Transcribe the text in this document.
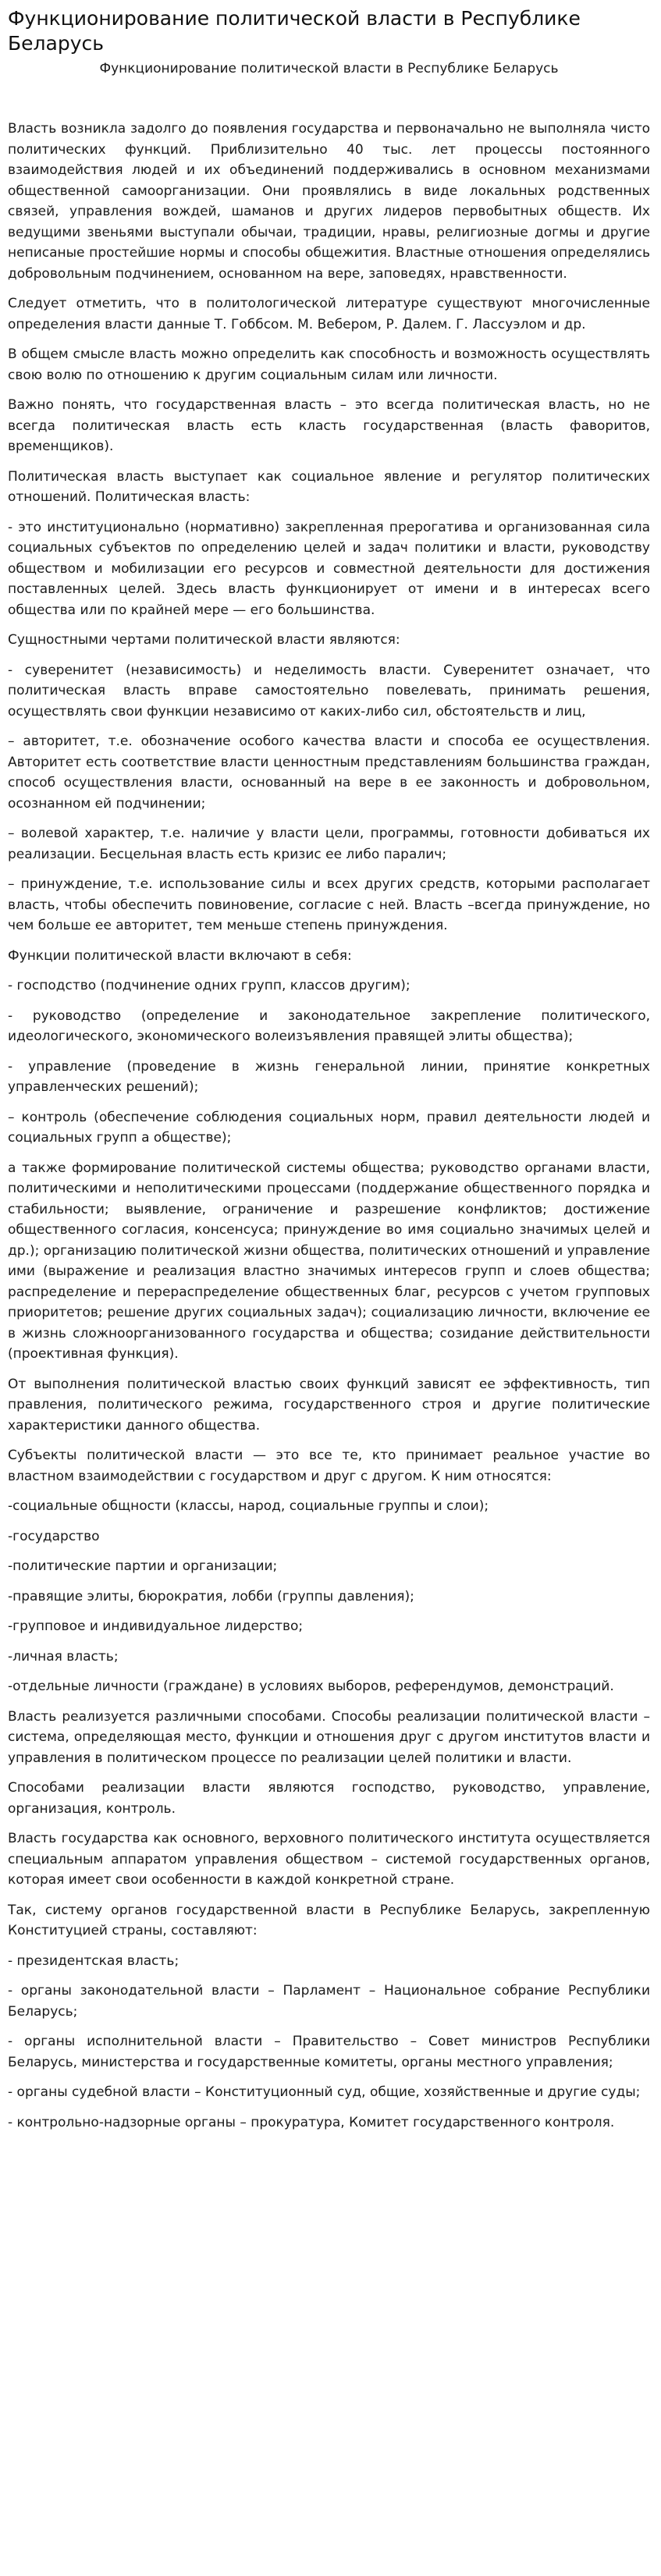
Функционирование политической власти в Республике Беларусь
Функционирование политической власти в Республике Беларусь

Власть возникла задолго до появления государства и первоначально не выполняла чисто политических функций. Приблизительно 40 тыс. лет процессы постоянного взаимодействия людей и их объединений поддерживались в основном механизмами общественной самоорганизации. Они проявлялись в виде локальных родственных связей, управления вождей, шаманов и других лидеров первобытных обществ. Их ведущими звеньями выступали обычаи, традиции, нравы, религиозные догмы и другие неписаные простейшие нормы и способы общежития. Властные отношения определялись добровольным подчинением, основанном на вере, заповедях, нравственности.

Следует отметить, что в политологической литературе существуют многочисленные определения власти данные Т. Гоббсом. М. Вебером, Р. Далем. Г. Лассуэлом и др.

В общем смысле власть можно определить как способность и возможность осуществлять свою волю по отношению к другим социальным силам или личности.

Важно понять, что государственная власть – это всегда политическая власть, но не всегда политическая власть есть класть государственная (власть фаворитов, временщиков).

Политическая власть выступает как социальное явление и регулятор политических отношений. Политическая власть:

- это институционально (нормативно) закрепленная прерогатива и организованная сила социальных субъектов по определению целей и задач политики и власти, руководству обществом и мобилизации его ресурсов и совместной деятельности для достижения поставленных целей. Здесь власть функционирует от имени и в интересах всего общества или по крайней мере — его большинства.

Сущностными чертами политической власти являются:

- суверенитет (независимость) и неделимость власти. Суверенитет означает, что политическая власть вправе самостоятельно повелевать, принимать решения, осуществлять свои функции независимо от каких-либо сил, обстоятельств и лиц,

– авторитет, т.е. обозначение особого качества власти и способа ее осуществления. Авторитет есть соответствие власти ценностным представлениям большинства граждан, способ осуществления власти, основанный на вере в ее законность и добровольном, осознанном ей подчинении;

– волевой характер, т.е. наличие у власти цели, программы, готовности добиваться их реализации. Бесцельная власть есть кризис ее либо паралич;

– принуждение, т.е. использование силы и всех других средств, которыми располагает власть, чтобы обеспечить повиновение, согласие с ней. Власть –всегда принуждение, но чем больше ее авторитет, тем меньше степень принуждения.

Функции политической власти включают в себя:

- господство (подчинение одних групп, классов другим);

- руководство (определение и законодательное закрепление политического, идеологического, экономического волеизъявления правящей элиты общества);

- управление (проведение в жизнь генеральной линии, принятие конкретных управленческих решений);

– контроль (обеспечение соблюдения социальных норм, правил деятельности людей и социальных групп а обществе);

а также формирование политической системы общества; руководство органами власти, политическими и неполитическими процессами (поддержание общественного порядка и стабильности; выявление, ограничение и разрешение конфликтов; достижение общественного согласия, консенсуса; принуждение во имя социально значимых целей и др.); организацию политической жизни общества, политических отношений и управление ими (выражение и реализация властно значимых интересов групп и слоев общества; распределение и перераспределение общественных благ, ресурсов с учетом групповых приоритетов; решение других социальных задач); социализацию личности, включение ее в жизнь сложноорганизованного государства и общества; созидание действительности (проективная функция).

От выполнения политической властью своих функций зависят ее эффективность, тип правления, политического режима, государственного строя и другие политические характеристики данного общества.

Субъекты политической власти — это все те, кто принимает реальное участие во властном взаимодействии с государством и друг с другом. К ним относятся:

-социальные общности (классы, народ, социальные группы и слои);

-государство

-политические партии и организации;

-правящие элиты, бюрократия, лобби (группы давления);

-групповое и индивидуальное лидерство;

-личная власть;

-отдельные личности (граждане) в условиях выборов, референдумов, демонстраций.

Власть реализуется различными способами. Способы реализации политической власти – система, определяющая место, функции и отношения друг с другом институтов власти и управления в политическом процессе по реализации целей политики и власти.

Способами реализации власти являются господство, руководство, управление, организация, контроль.

Власть государства как основного, верховного политического института осуществляется специальным аппаратом управления обществом – системой государственных органов, которая имеет свои особенности в каждой конкретной стране.

Так, систему органов государственной власти в Республике Беларусь, закрепленную Конституцией страны, составляют:

- президентская власть;

- органы законодательной власти – Парламент – Национальное собрание Республики Беларусь;

- органы исполнительной власти – Правительство – Совет министров Республики Беларусь, министерства и государственные комитеты, органы местного управления;

- органы судебной власти – Конституционный суд, общие, хозяйственные и другие суды;

- контрольно-надзорные органы – прокуратура, Комитет государственного контроля.
